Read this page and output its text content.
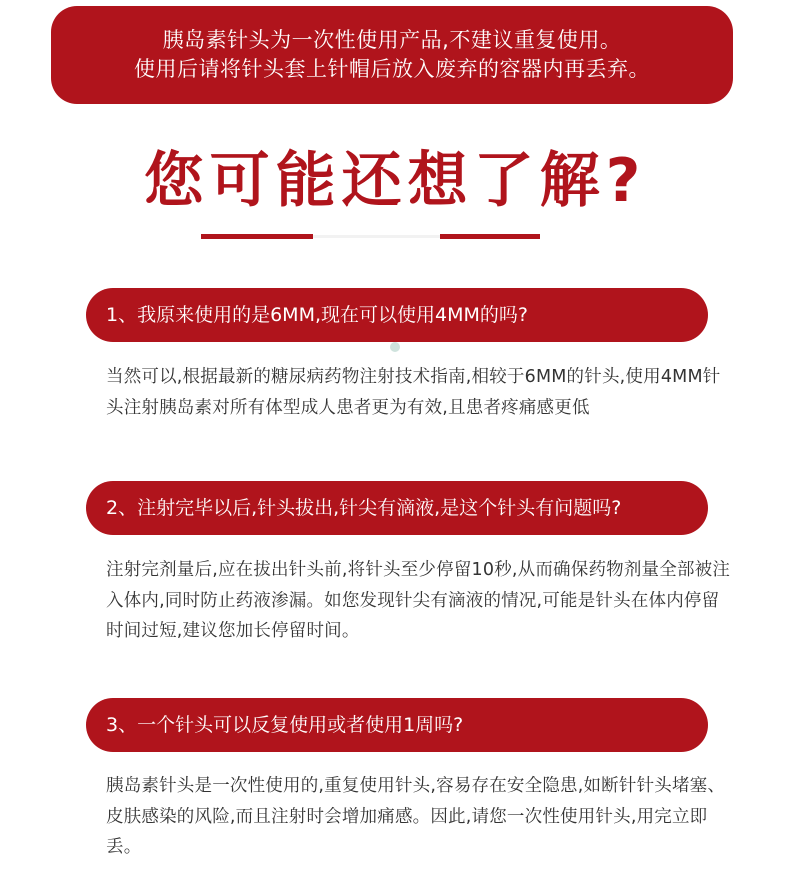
胰岛素针头为一次性使用产品,不建议重复使用。
使用后请将针头套上针帽后放入废弃的容器内再丢弃。
您可能还想了解?
1、我原来使用的是6MM,现在可以使用4MM的吗?
当然可以,根据最新的糖尿病药物注射技术指南,相较于6MM的针头,使用4MM针头注射胰岛素对所有体型成人患者更为有效,且患者疼痛感更低
2、注射完毕以后,针头拔出,针尖有滴液,是这个针头有问题吗?
注射完剂量后,应在拔出针头前,将针头至少停留10秒,从而确保药物剂量全部被注入体内,同时防止药液渗漏。如您发现针尖有滴液的情况,可能是针头在体内停留时间过短,建议您加长停留时间。
3、一个针头可以反复使用或者使用1周吗?
胰岛素针头是一次性使用的,重复使用针头,容易存在安全隐患,如断针针头堵塞、皮肤感染的风险,而且注射时会增加痛感。因此,请您一次性使用针头,用完立即丢。
